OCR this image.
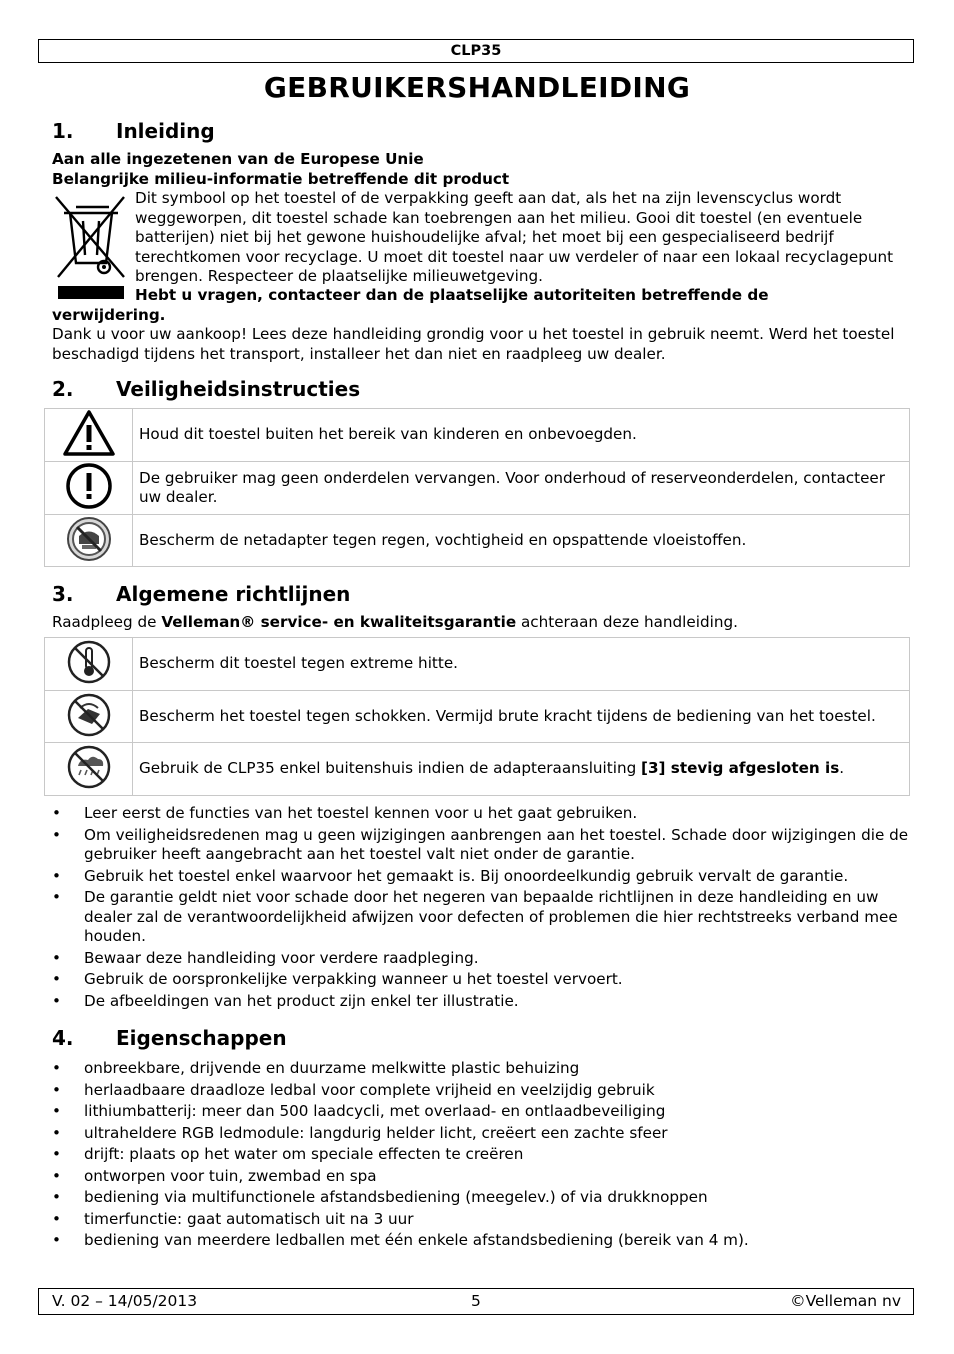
CLP35
GEBRUIKERSHANDLEIDING
1. Inleiding
Aan alle ingezetenen van de Europese Unie
Belangrijke milieu-informatie betreffende dit product
Dit symbool op het toestel of de verpakking geeft aan dat, als het na zijn levenscyclus wordt weggeworpen, dit toestel schade kan toebrengen aan het milieu. Gooi dit toestel (en eventuele batterijen) niet bij het gewone huishoudelijke afval; het moet bij een gespecialiseerd bedrijf terechtkomen voor recyclage. U moet dit toestel naar uw verdeler of naar een lokaal recyclagepunt brengen. Respecteer de plaatselijke milieuwetgeving.
Hebt u vragen, contacteer dan de plaatselijke autoriteiten betreffende de
verwijdering.
Dank u voor uw aankoop! Lees deze handleiding grondig voor u het toestel in gebruik neemt. Werd het toestel beschadigd tijdens het transport, installeer het dan niet en raadpleeg uw dealer.
2. Veiligheidsinstructies
	Houd dit toestel buiten het bereik van kinderen en onbevoegden.
	De gebruiker mag geen onderdelen vervangen. Voor onderhoud of reserveonderdelen, contacteer uw dealer.
	Bescherm de netadapter tegen regen, vochtigheid en opspattende vloeistoffen.
3. Algemene richtlijnen
Raadpleeg de Velleman® service- en kwaliteitsgarantie achteraan deze handleiding.
	Bescherm dit toestel tegen extreme hitte.
	Bescherm het toestel tegen schokken. Vermijd brute kracht tijdens de bediening van het toestel.
	Gebruik de CLP35 enkel buitenshuis indien de adapteraansluiting [3] stevig afgesloten is.
•	Leer eerst de functies van het toestel kennen voor u het gaat gebruiken.
•	Om veiligheidsredenen mag u geen wijzigingen aanbrengen aan het toestel. Schade door wijzigingen die de gebruiker heeft aangebracht aan het toestel valt niet onder de garantie.
•	Gebruik het toestel enkel waarvoor het gemaakt is. Bij onoordeelkundig gebruik vervalt de garantie.
•	De garantie geldt niet voor schade door het negeren van bepaalde richtlijnen in deze handleiding en uw dealer zal de verantwoordelijkheid afwijzen voor defecten of problemen die hier rechtstreeks verband mee houden.
•	Bewaar deze handleiding voor verdere raadpleging.
•	Gebruik de oorspronkelijke verpakking wanneer u het toestel vervoert.
•	De afbeeldingen van het product zijn enkel ter illustratie.
4. Eigenschappen
•	onbreekbare, drijvende en duurzame melkwitte plastic behuizing
•	herlaadbaare draadloze ledbal voor complete vrijheid en veelzijdig gebruik
•	lithiumbatterij: meer dan 500 laadcycli, met overlaad- en ontlaadbeveiliging
•	ultraheldere RGB ledmodule: langdurig helder licht, creëert een zachte sfeer
•	drijft: plaats op het water om speciale effecten te creëren
•	ontworpen voor tuin, zwembad en spa
•	bediening via multifunctionele afstandsbediening (meegelev.) of via drukknoppen
•	timerfunctie: gaat automatisch uit na 3 uur
•	bediening van meerdere ledballen met één enkele afstandsbediening (bereik van 4 m).
V. 02 – 14/05/2013	5	©Velleman nv
